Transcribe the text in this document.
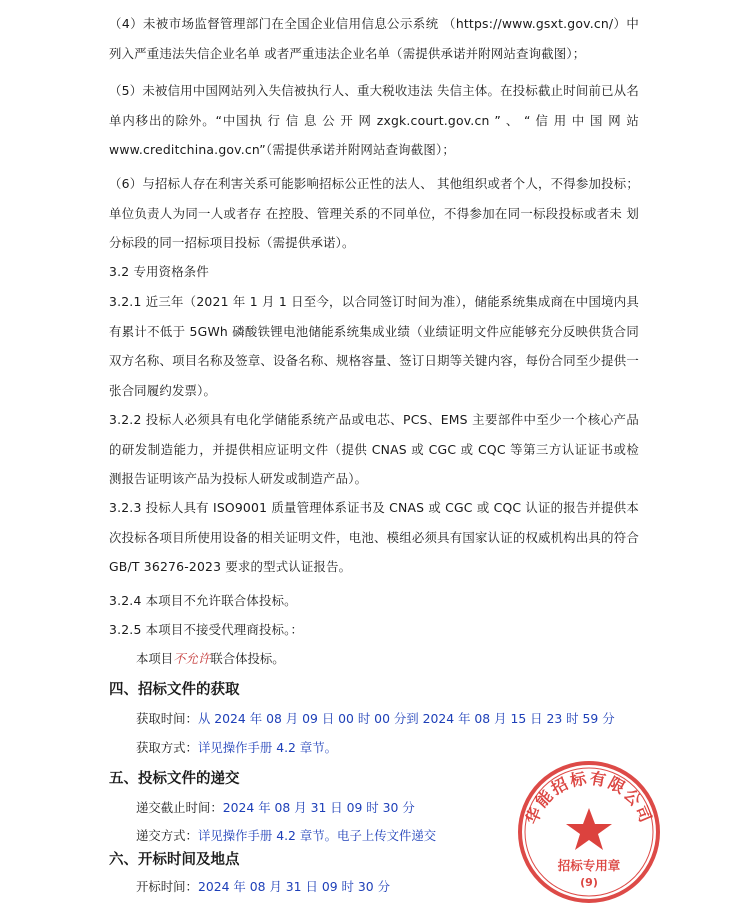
（4）未被市场监督管理部门在全国企业信用信息公示系统 （https://www.gsxt.gov.cn/）中列入严重违法失信企业名单 或者严重违法企业名单（需提供承诺并附网站查询截图）；

（5）未被信用中国网站列入失信被执行人、重大税收违法 失信主体。在投标截止时间前已从名单内移出的除外。“中国执 行 信 息 公 开 网 zxgk.court.gov.cn ” 、 “ 信 用 中 国 网 站 www.creditchina.gov.cn”（需提供承诺并附网站查询截图）；

（6）与招标人存在利害关系可能影响招标公正性的法人、 其他组织或者个人，不得参加投标；单位负责人为同一人或者存 在控股、管理关系的不同单位，不得参加在同一标段投标或者未 划分标段的同一招标项目投标（需提供承诺）。

3.2 专用资格条件

3.2.1 近三年（2021 年 1 月 1 日至今，以合同签订时间为准），储能系统集成商在中国境内具有累计不低于 5GWh 磷酸铁锂电池储能系统集成业绩（业绩证明文件应能够充分反映供货合同双方名称、项目名称及签章、设备名称、规格容量、签订日期等关键内容，每份合同至少提供一张合同履约发票）。

3.2.2 投标人必须具有电化学储能系统产品或电芯、PCS、EMS 主要部件中至少一个核心产品的研发制造能力，并提供相应证明文件（提供 CNAS 或 CGC 或 CQC 等第三方认证证书或检测报告证明该产品为投标人研发或制造产品）。

3.2.3 投标人具有 ISO9001 质量管理体系证书及 CNAS 或 CGC 或 CQC 认证的报告并提供本次投标各项目所使用设备的相关证明文件，电池、模组必须具有国家认证的权威机构出具的符合 GB/T 36276-2023 要求的型式认证报告。

3.2.4 本项目不允许联合体投标。

3.2.5 本项目不接受代理商投标。：

本项目不允许联合体投标。

四、招标文件的获取

获取时间：从 2024 年 08 月 09 日 00 时 00 分到 2024 年 08 月 15 日 23 时 59 分

获取方式：详见操作手册 4.2 章节。

五、投标文件的递交

递交截止时间：2024 年 08 月 31 日 09 时 30 分

递交方式：详见操作手册 4.2 章节。电子上传文件递交

六、开标时间及地点

开标时间：2024 年 08 月 31 日 09 时 30 分

华能招标有限公司
招标专用章
(9)
